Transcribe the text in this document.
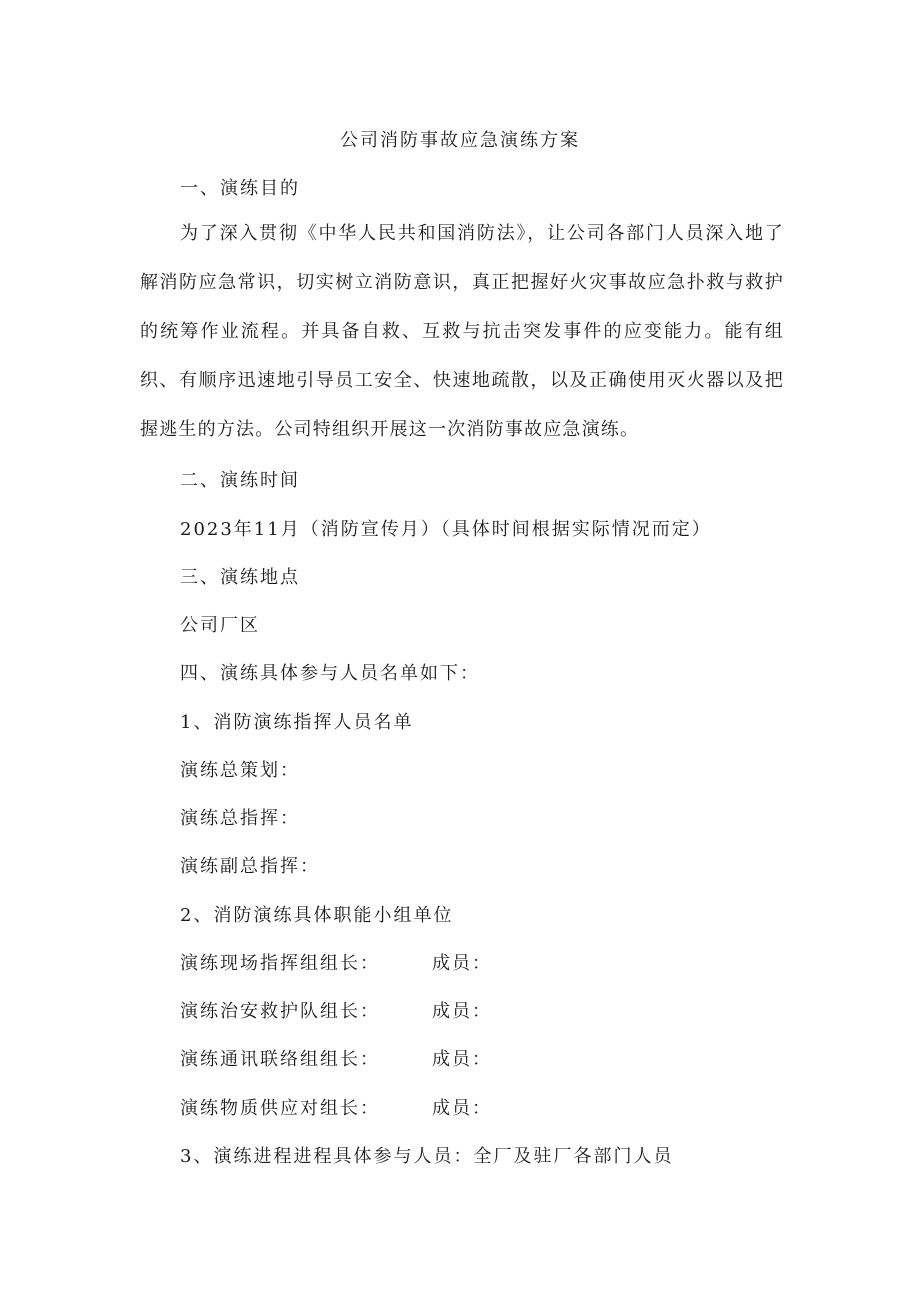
公司消防事故应急演练方案
一、演练目的

为了深入贯彻《中华人民共和国消防法》，让公司各部门人员深入地了解消防应急常识，切实树立消防意识，真正把握好火灾事故应急扑救与救护的统筹作业流程。并具备自救、互救与抗击突发事件的应变能力。能有组织、有顺序迅速地引导员工安全、快速地疏散，以及正确使用灭火器以及把握逃生的方法。公司特组织开展这一次消防事故应急演练。

二、演练时间
2023年11月（消防宣传月）（具体时间根据实际情况而定）
三、演练地点
公司厂区
四、演练具体参与人员名单如下：
1、消防演练指挥人员名单
演练总策划：
演练总指挥：
演练副总指挥：
2、消防演练具体职能小组单位
演练现场指挥组组长：	成员：
演练治安救护队组长：	成员：
演练通讯联络组组长：	成员：
演练物质供应对组长：	成员：
3、演练进程进程具体参与人员：全厂及驻厂各部门人员
